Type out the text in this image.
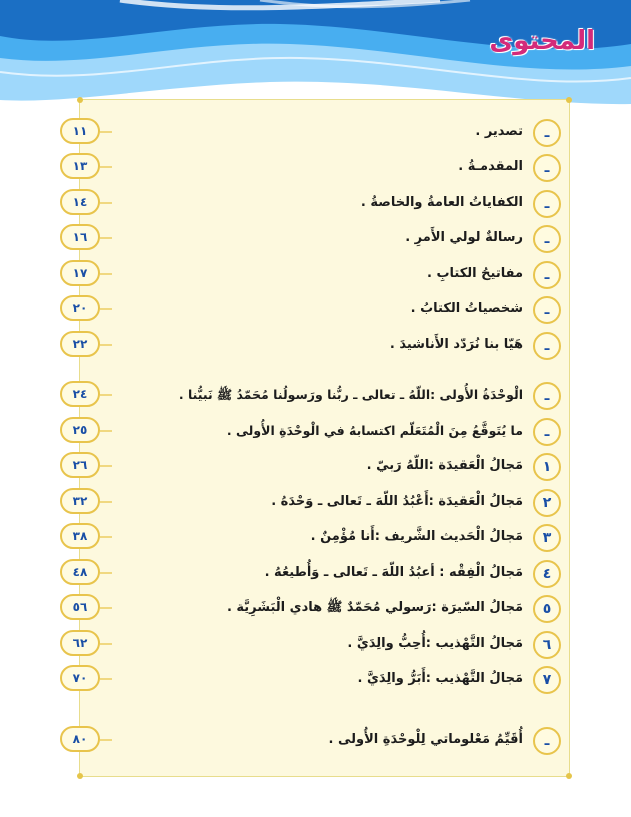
المحتوى
١١	تصدير .	ـ
١٣	المقدمـةُ .	ـ
١٤	الكفاياتُ العامةُ والخاصةُ .	ـ
١٦	رسالةٌ لولي الأَمرِ .	ـ
١٧	مفاتيحُ الكتابِ .	ـ
٢٠	شخصياتُ الكتابُ .	ـ
٢٢	هَيّا بنا نُرَدّد الأَناشيدَ .	ـ
٢٤	الْوحْدَةُ الأُولى :اللّهُ ـ تعالى ـ ربُّنا ورَسولُنا مُحَمّدُ ﷺ نَبيُّنا .	ـ
٢٥	ما يُتَوقَّعُ مِنَ الْمُتَعَلّم اكتسابهُ في الْوحْدَةِ الأُولى .	ـ
٢٦	مَجالُ الْعَقيدَة :اللّهُ رَبيّ .	١
٣٢	مَجالُ الْعَقيدَة :أَعْبُدُ اللّهَ ـ تَعالى ـ وَحْدَهُ .	٢
٣٨	مَجالُ الْحَديث الشَّريف :أَنا مُؤْمِنٌ .	٣
٤٨	مَجالُ الْفِقْه : أعبُدُ اللّهَ ـ تَعالى ـ وَأُطيعُهُ .	٤
٥٦	مَجالُ السّيرَة :رَسولي مُحَمّدٌ ﷺ هادي الْبَشَرِيَّة .	٥
٦٢	مَجالُ التَّهْذيب :أُحِبُّ والِدَيَّ .	٦
٧٠	مَجالُ التَّهْذيب :أَبَرُّ والِدَيَّ .	٧
٨٠	أُقَيِّمُ مَعْلوماتي لِلْوحْدَةِ الأُولى .	ـ
